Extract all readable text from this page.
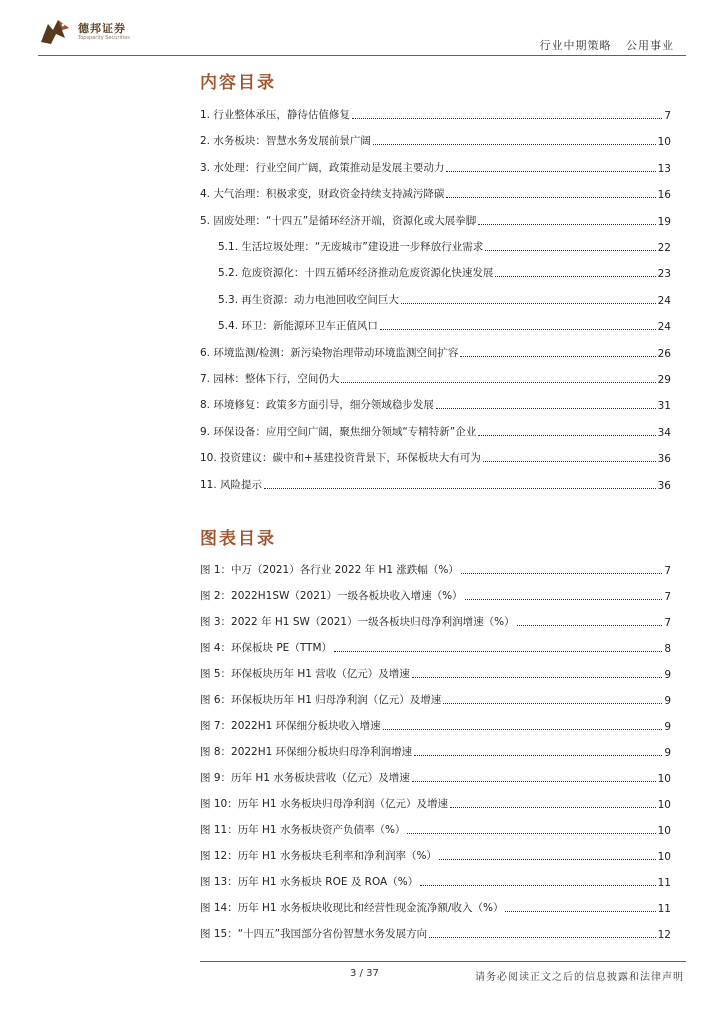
德邦证券
Topsperity Securities
行业中期策略 公用事业
内容目录
1. 行业整体承压，静待估值修复	7
2. 水务板块：智慧水务发展前景广阔	10
3. 水处理：行业空间广阔，政策推动是发展主要动力	13
4. 大气治理：积极求变，财政资金持续支持减污降碳	16
5. 固废处理：“十四五”是循环经济开端，资源化或大展拳脚	19
5.1. 生活垃圾处理：“无废城市”建设进一步释放行业需求	22
5.2. 危废资源化：十四五循环经济推动危废资源化快速发展	23
5.3. 再生资源：动力电池回收空间巨大	24
5.4. 环卫：新能源环卫车正值风口	24
6. 环境监测/检测：新污染物治理带动环境监测空间扩容	26
7. 园林：整体下行，空间仍大	29
8. 环境修复：政策多方面引导，细分领域稳步发展	31
9. 环保设备：应用空间广阔，聚焦细分领域“专精特新”企业	34
10. 投资建议：碳中和+基建投资背景下，环保板块大有可为	36
11. 风险提示	36
图表目录
图 1：中万（2021）各行业 2022 年 H1 涨跌幅（%）	7
图 2：2022H1SW（2021）一级各板块收入增速（%）	7
图 3：2022 年 H1 SW（2021）一级各板块归母净利润增速（%）	7
图 4：环保板块 PE（TTM）	8
图 5：环保板块历年 H1 营收（亿元）及增速	9
图 6：环保板块历年 H1 归母净利润（亿元）及增速	9
图 7：2022H1 环保细分板块收入增速	9
图 8：2022H1 环保细分板块归母净利润增速	9
图 9：历年 H1 水务板块营收（亿元）及增速	10
图 10：历年 H1 水务板块归母净利润（亿元）及增速	10
图 11：历年 H1 水务板块资产负债率（%）	10
图 12：历年 H1 水务板块毛利率和净利润率（%）	10
图 13：历年 H1 水务板块 ROE 及 ROA（%）	11
图 14：历年 H1 水务板块收现比和经营性现金流净额/收入（%）	11
图 15：“十四五”我国部分省份智慧水务发展方向	12
3 / 37	请务必阅读正文之后的信息披露和法律声明
